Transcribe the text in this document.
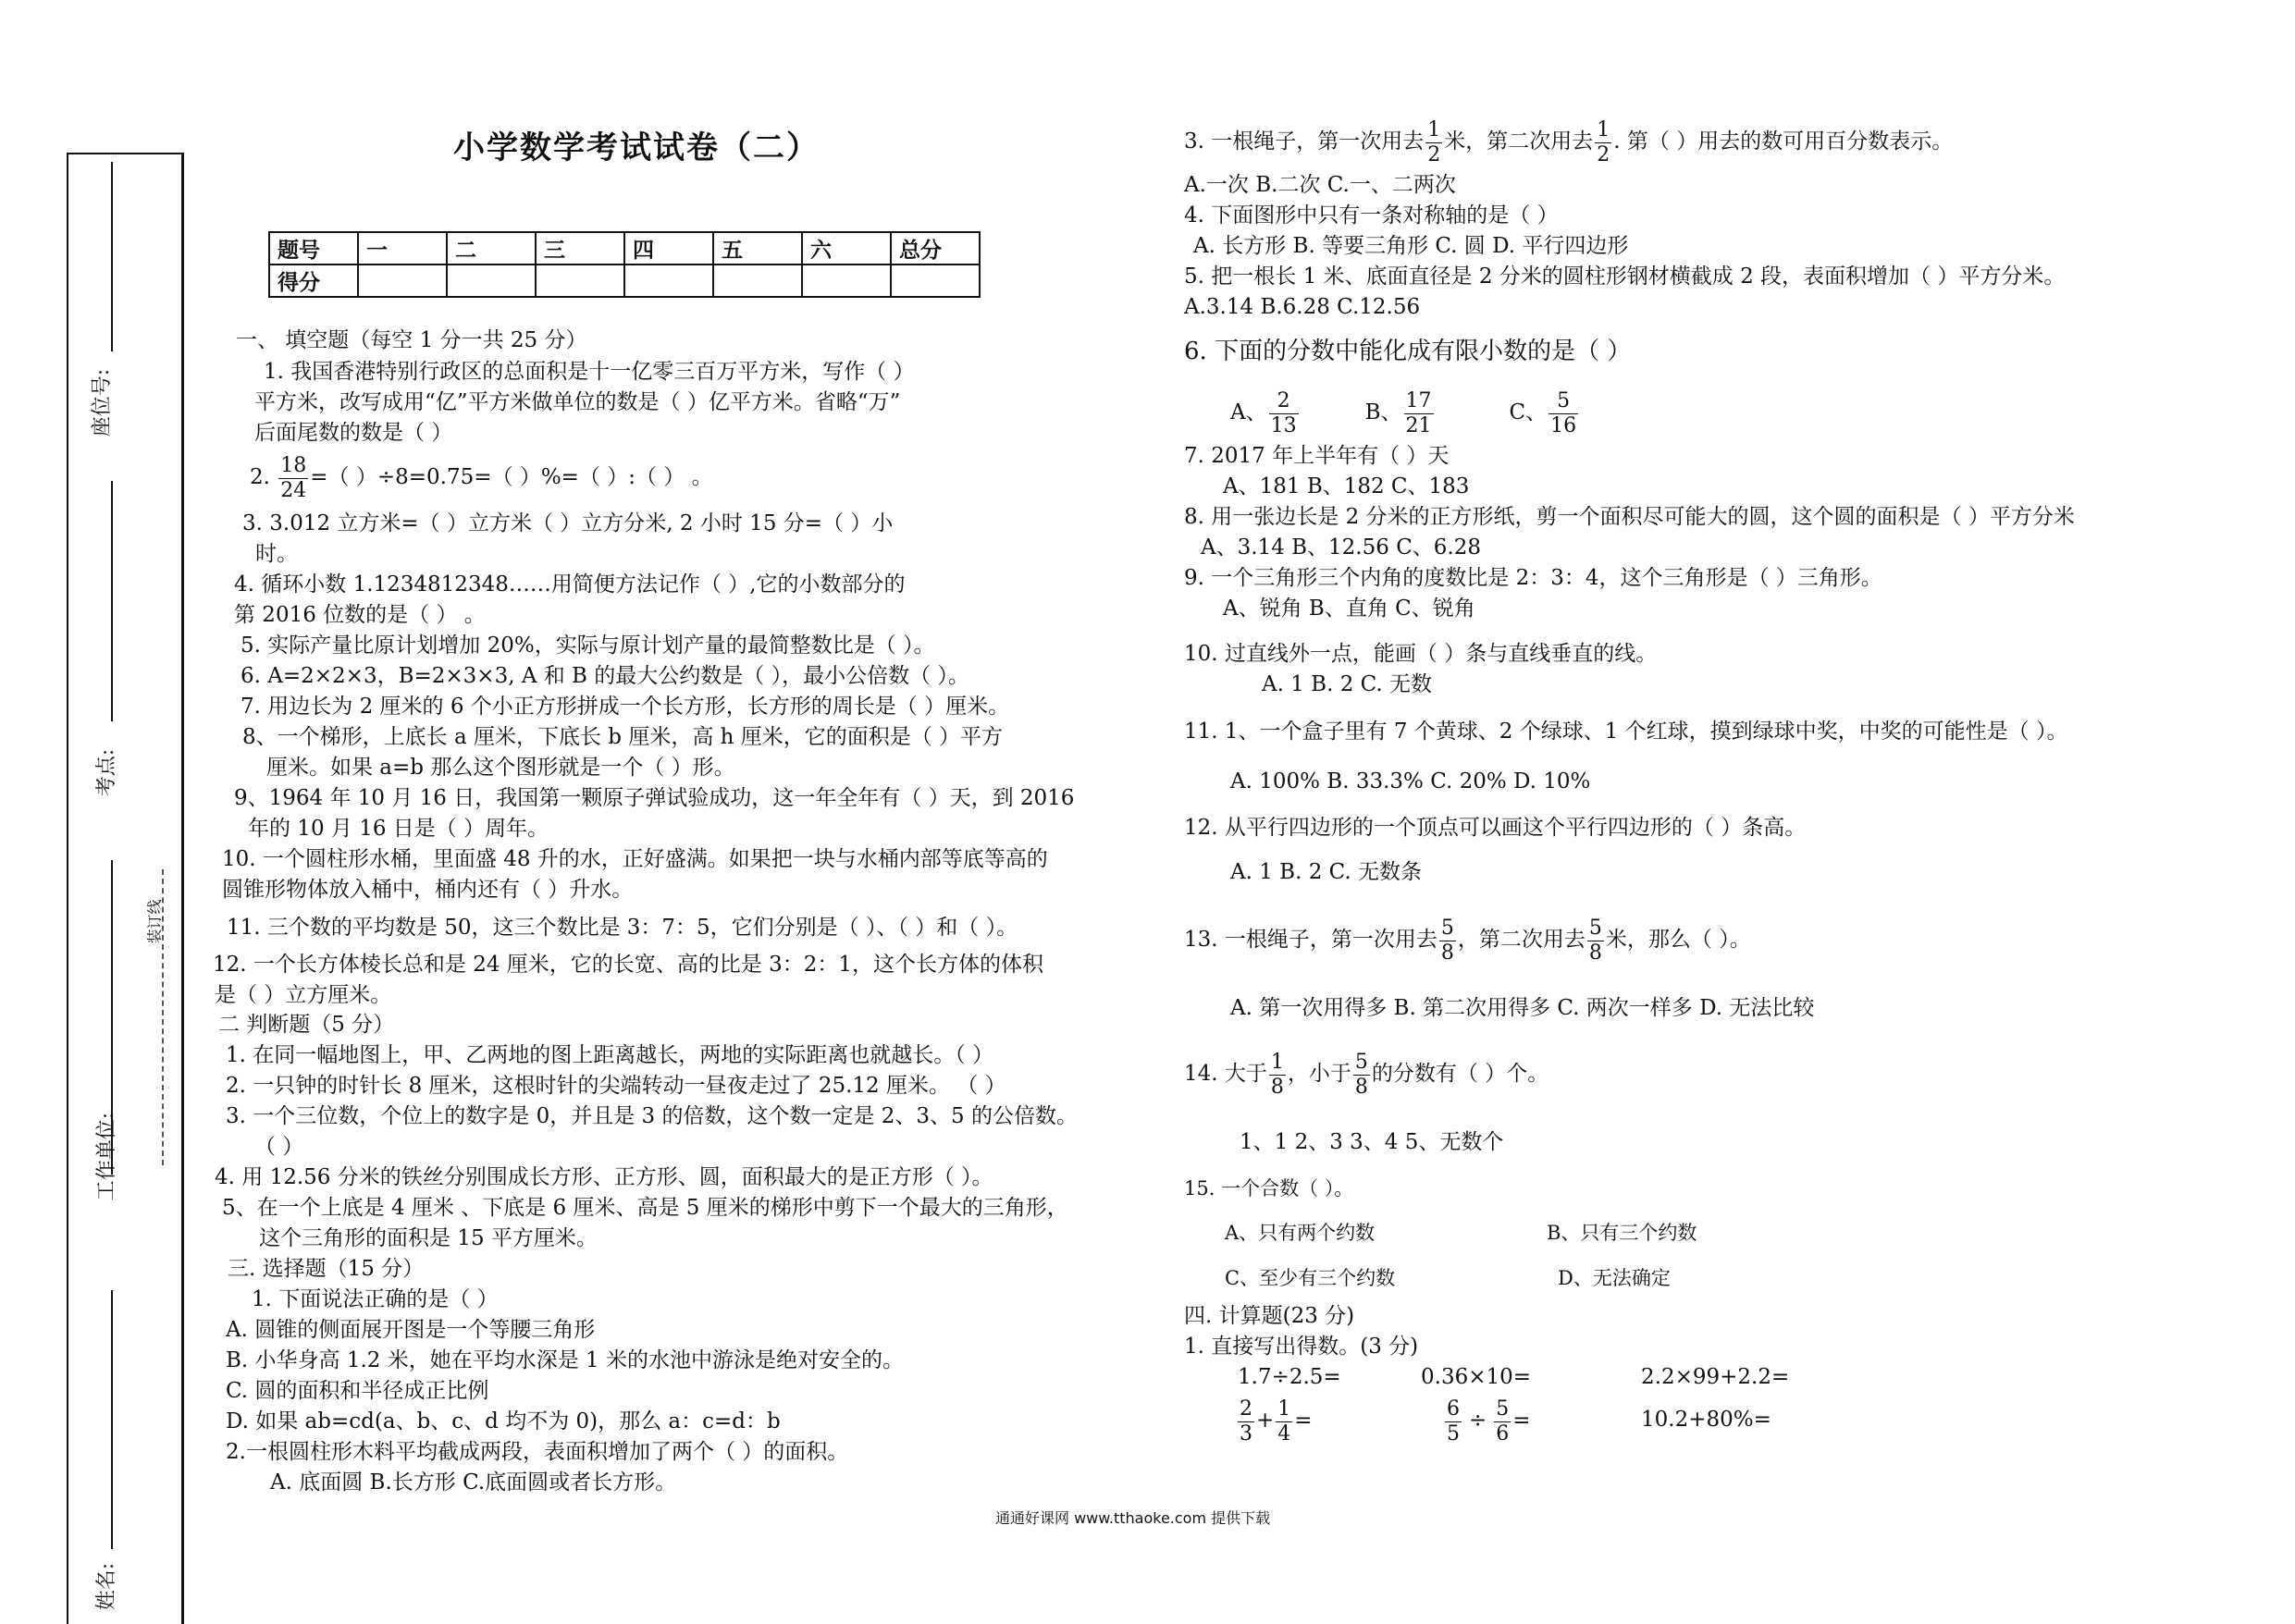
座位号:
考点:
装订线
工作单位:
姓名:
小学数学考试试卷（二）
题号	一	二	三	四	五	六	总分
得分							
一、 填空题（每空 1 分一共 25 分）
1. 我国香港特别行政区的总面积是十一亿零三百万平方米，写作（ ）
平方米，改写成用“亿”平方米做单位的数是（ ）亿平方米。省略“万”
后面尾数的数是（ ）
2. $\frac{18}{24}$ =（ ）÷8=0.75=（ ）%=（ ）:（ ） 。
3. 3.012 立方米=（ ）立方米（ ）立方分米, 2 小时 15 分=（ ）小
时。
4. 循环小数 1.1234812348……用简便方法记作（ ）,它的小数部分的
第 2016 位数的是（ ） 。
5. 实际产量比原计划增加 20%，实际与原计划产量的最简整数比是（ ）。
6. A=2×2×3，B=2×3×3, A 和 B 的最大公约数是（ ），最小公倍数（ ）。
7. 用边长为 2 厘米的 6 个小正方形拼成一个长方形，长方形的周长是（ ）厘米。
8、一个梯形，上底长 a 厘米，下底长 b 厘米，高 h 厘米，它的面积是（ ）平方
厘米。如果 a=b 那么这个图形就是一个（ ）形。
9、1964 年 10 月 16 日，我国第一颗原子弹试验成功，这一年全年有（ ）天，到 2016
年的 10 月 16 日是（ ）周年。
10. 一个圆柱形水桶，里面盛 48 升的水，正好盛满。如果把一块与水桶内部等底等高的
圆锥形物体放入桶中，桶内还有（ ）升水。
11. 三个数的平均数是 50，这三个数比是 3：7：5，它们分别是（ ）、（ ）和（ ）。
12. 一个长方体棱长总和是 24 厘米，它的长宽、高的比是 3：2：1，这个长方体的体积
是（ ）立方厘米。
二 判断题（5 分）
1. 在同一幅地图上，甲、乙两地的图上距离越长，两地的实际距离也就越长。（ ）
2. 一只钟的时针长 8 厘米，这根时针的尖端转动一昼夜走过了 25.12 厘米。 （ ）
3. 一个三位数，个位上的数字是 0，并且是 3 的倍数，这个数一定是 2、3、5 的公倍数。
（ ）
4. 用 12.56 分米的铁丝分别围成长方形、正方形、圆，面积最大的是正方形（ ）。
5、在一个上底是 4 厘米 、下底是 6 厘米、高是 5 厘米的梯形中剪下一个最大的三角形，
这个三角形的面积是 15 平方厘米。
三. 选择题（15 分）
1. 下面说法正确的是（ ）
A. 圆锥的侧面展开图是一个等腰三角形
B. 小华身高 1.2 米，她在平均水深是 1 米的水池中游泳是绝对安全的。
C. 圆的面积和半径成正比例
D. 如果 ab=cd(a、b、c、d 均不为 0)，那么 a：c=d：b
2.一根圆柱形木料平均截成两段，表面积增加了两个（ ）的面积。
A. 底面圆 B.长方形 C.底面圆或者长方形。
3. 一根绳子，第一次用去 $\frac{1}{2}$ 米，第二次用去 $\frac{1}{2}$ . 第（ ）用去的数可用百分数表示。
A.一次 B.二次 C.一、二两次
4. 下面图形中只有一条对称轴的是（ ）
A. 长方形 B. 等要三角形 C. 圆 D. 平行四边形
5. 把一根长 1 米、底面直径是 2 分米的圆柱形钢材横截成 2 段，表面积增加（ ）平方分米。
A.3.14 B.6.28 C.12.56
6. 下面的分数中能化成有限小数的是（ ）
A、 $\frac{2}{13}$	B、 $\frac{17}{21}$	C、 $\frac{5}{16}$
7. 2017 年上半年有（ ）天
A、181 B、182 C、183
8. 用一张边长是 2 分米的正方形纸，剪一个面积尽可能大的圆，这个圆的面积是（ ）平方分米
A、3.14 B、12.56 C、6.28
9. 一个三角形三个内角的度数比是 2：3：4，这个三角形是（ ）三角形。
A、锐角 B、直角 C、锐角
10. 过直线外一点，能画（ ）条与直线垂直的线。
A. 1 B. 2 C. 无数
11. 1、一个盒子里有 7 个黄球、2 个绿球、1 个红球，摸到绿球中奖，中奖的可能性是（ ）。
A. 100% B. 33.3% C. 20% D. 10%
12. 从平行四边形的一个顶点可以画这个平行四边形的（ ）条高。
A. 1 B. 2 C. 无数条
13. 一根绳子，第一次用去 $\frac{5}{8}$ ，第二次用去 $\frac{5}{8}$ 米，那么（ ）。
A. 第一次用得多 B. 第二次用得多 C. 两次一样多 D. 无法比较
14. 大于 $\frac{1}{8}$ ，小于 $\frac{5}{8}$ 的分数有（ ）个。
1、1 2、3 3、4 5、无数个
15. 一个合数（ ）。
A、只有两个约数	B、只有三个约数
C、至少有三个约数	D、无法确定
四. 计算题(23 分)
1. 直接写出得数。(3 分)
1.7÷2.5=	0.36×10=	2.2×99+2.2=
$\frac{2}{3} + \frac{1}{4}$ =	$\frac{6}{5} \div \frac{5}{6}$ =	10.2+80%=
通通好课网 www.tthaoke.com 提供下载
